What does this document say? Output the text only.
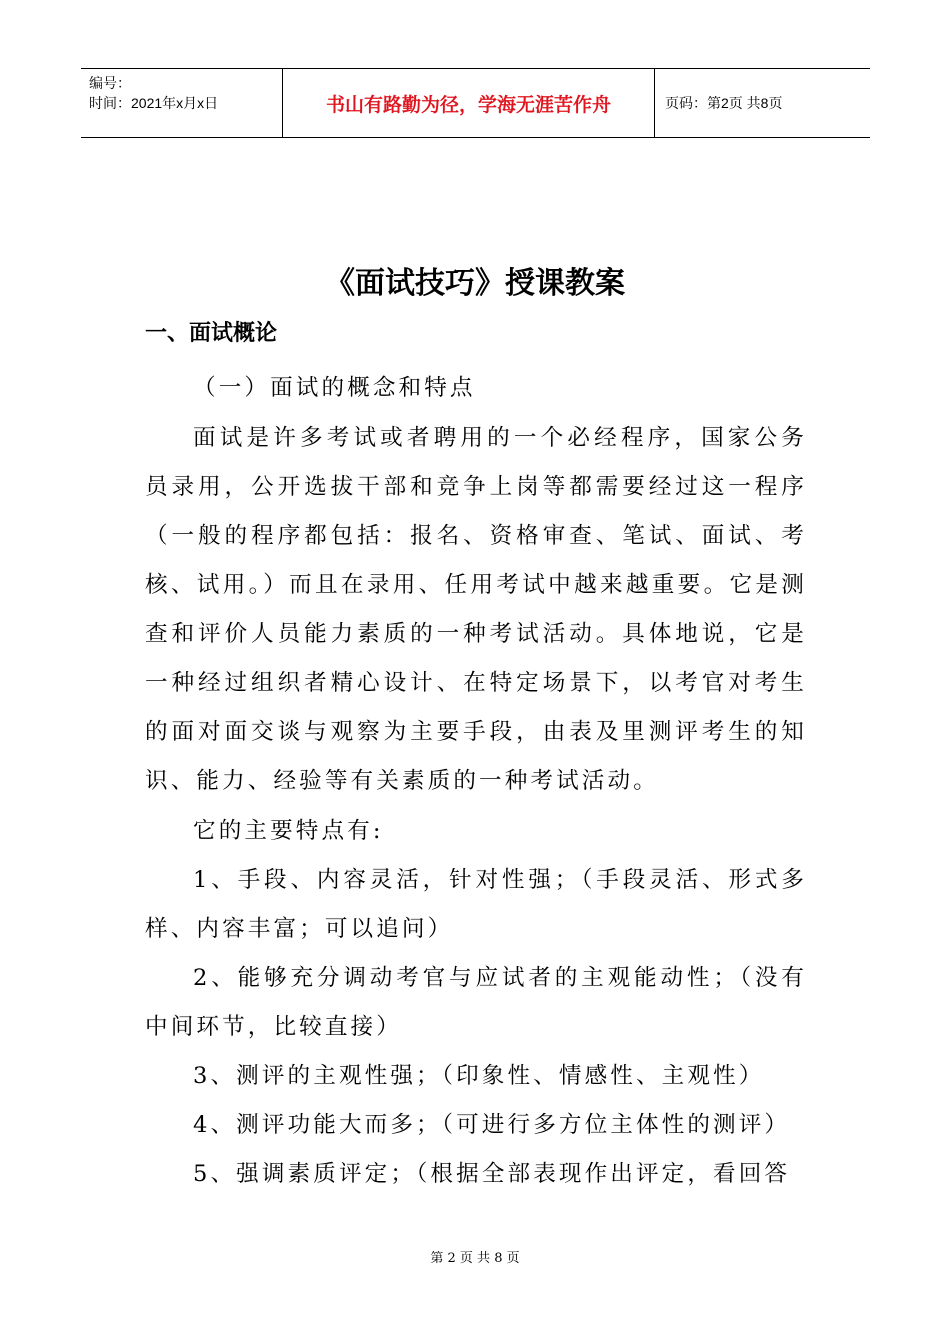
编号：
时间：2021年x月x日	书山有路勤为径，学海无涯苦作舟	页码：第2页 共8页
《面试技巧》授课教案
一、面试概论

（一）面试的概念和特点

面试是许多考试或者聘用的一个必经程序，国家公务员录用，公开选拔干部和竞争上岗等都需要经过这一程序（一般的程序都包括：报名、资格审查、笔试、面试、考核、试用。）而且在录用、任用考试中越来越重要。它是测查和评价人员能力素质的一种考试活动。具体地说，它是一种经过组织者精心设计、在特定场景下，以考官对考生的面对面交谈与观察为主要手段，由表及里测评考生的知识、能力、经验等有关素质的一种考试活动。

它的主要特点有:

1、手段、内容灵活，针对性强；（手段灵活、形式多样、内容丰富；可以追问）

2、能够充分调动考官与应试者的主观能动性；（没有中间环节，比较直接）

3、测评的主观性强；（印象性、情感性、主观性）

4、测评功能大而多；（可进行多方位主体性的测评）

5、强调素质评定；（根据全部表现作出评定，看回答

第 2 页 共 8 页
